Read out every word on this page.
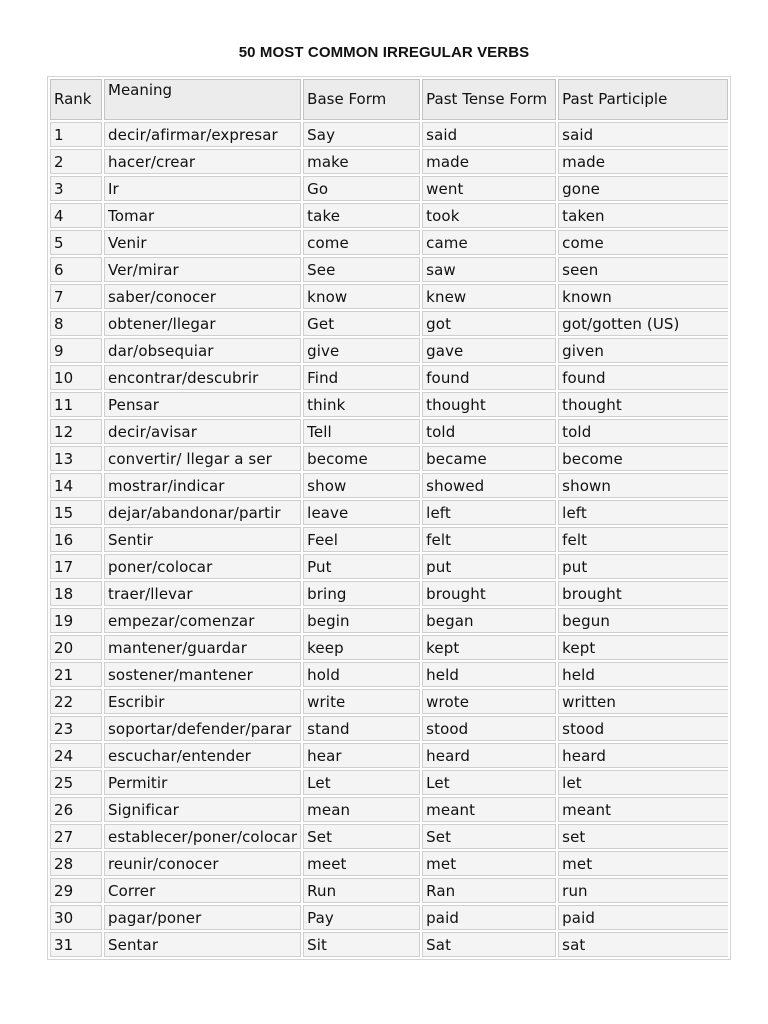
50 MOST COMMON IRREGULAR VERBS
Rank	Meaning	Base Form	Past Tense Form	Past Participle
1	decir/afirmar/expresar	Say	said	said
2	hacer/crear	make	made	made
3	Ir	Go	went	gone
4	Tomar	take	took	taken
5	Venir	come	came	come
6	Ver/mirar	See	saw	seen
7	saber/conocer	know	knew	known
8	obtener/llegar	Get	got	got/gotten (US)
9	dar/obsequiar	give	gave	given
10	encontrar/descubrir	Find	found	found
11	Pensar	think	thought	thought
12	decir/avisar	Tell	told	told
13	convertir/ llegar a ser	become	became	become
14	mostrar/indicar	show	showed	shown
15	dejar/abandonar/partir	leave	left	left
16	Sentir	Feel	felt	felt
17	poner/colocar	Put	put	put
18	traer/llevar	bring	brought	brought
19	empezar/comenzar	begin	began	begun
20	mantener/guardar	keep	kept	kept
21	sostener/mantener	hold	held	held
22	Escribir	write	wrote	written
23	soportar/defender/parar	stand	stood	stood
24	escuchar/entender	hear	heard	heard
25	Permitir	Let	Let	let
26	Significar	mean	meant	meant
27	establecer/poner/colocar	Set	Set	set
28	reunir/conocer	meet	met	met
29	Correr	Run	Ran	run
30	pagar/poner	Pay	paid	paid
31	Sentar	Sit	Sat	sat
